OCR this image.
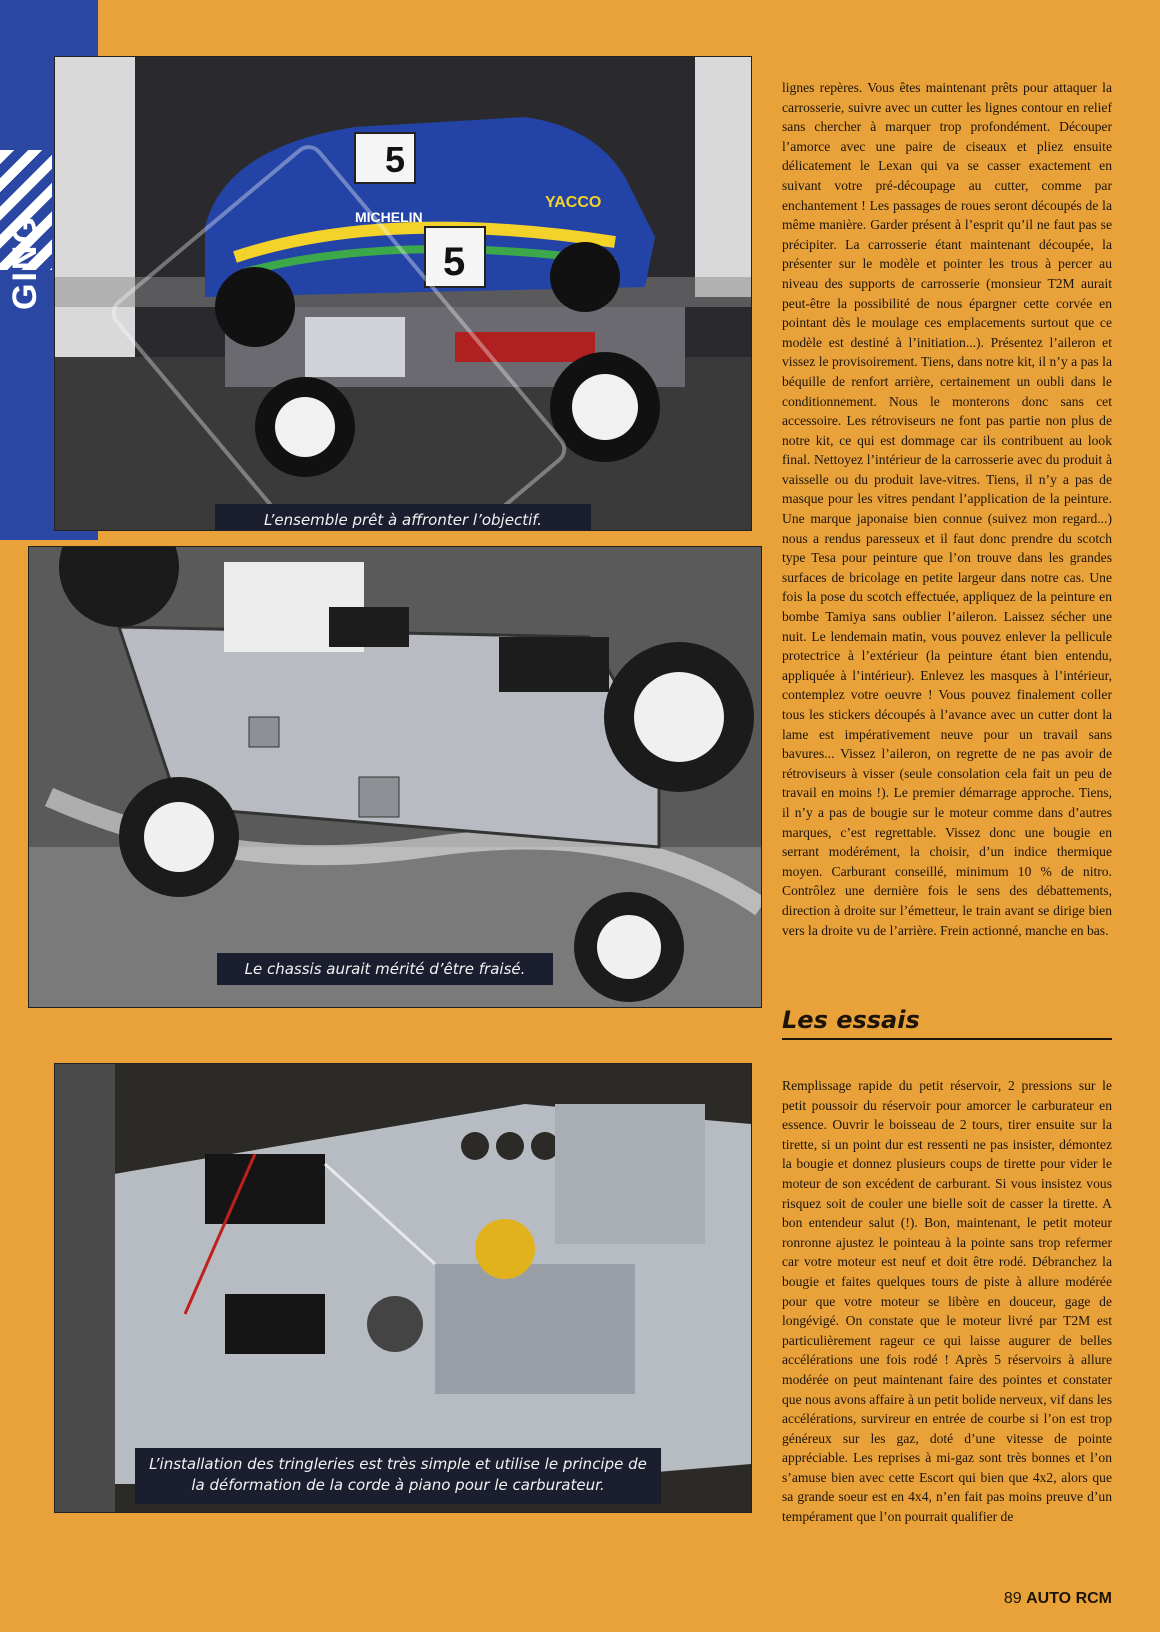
GING
5
5
MICHELIN
YACCO
L’ensemble prêt à affronter l’objectif.
Le chassis aurait mérité d’être fraisé.
L’installation des tringleries est très simple et utilise le principe de
la déformation de la corde à piano pour le carburateur.
lignes repères. Vous êtes maintenant prêts pour attaquer la carrosserie, suivre avec un cutter les lignes contour en relief sans chercher à marquer trop profondément. Découper l’amorce avec une paire de ciseaux et pliez ensuite délicatement le Lexan qui va se casser exactement en suivant votre pré-découpage au cutter, comme par enchantement ! Les passages de roues seront découpés de la même manière. Garder présent à l’esprit qu’il ne faut pas se précipiter. La carrosserie étant maintenant découpée, la présenter sur le modèle et pointer les trous à percer au niveau des supports de carrosserie (monsieur T2M aurait peut-être la possibilité de nous épargner cette corvée en pointant dès le moulage ces emplacements surtout que ce modèle est destiné à l’initiation...). Présentez l’aileron et vissez le provisoirement. Tiens, dans notre kit, il n’y a pas la béquille de renfort arrière, certainement un oubli dans le conditionnement. Nous le monterons donc sans cet accessoire. Les rétroviseurs ne font pas partie non plus de notre kit, ce qui est dommage car ils contribuent au look final. Nettoyez l’intérieur de la carrosserie avec du produit à vaisselle ou du produit lave-vitres. Tiens, il n’y a pas de masque pour les vitres pendant l’application de la peinture. Une marque japonaise bien connue (suivez mon regard...) nous a rendus paresseux et il faut donc prendre du scotch type Tesa pour peinture que l’on trouve dans les grandes surfaces de bricolage en petite largeur dans notre cas. Une fois la pose du scotch effectuée, appliquez de la peinture en bombe Tamiya sans oublier l’aileron. Laissez sécher une nuit. Le lendemain matin, vous pouvez enlever la pellicule protectrice à l’extérieur (la peinture étant bien entendu, appliquée à l’intérieur). Enlevez les masques à l’intérieur, contemplez votre oeuvre ! Vous pouvez finalement coller tous les stickers découpés à l’avance avec un cutter dont la lame est impérativement neuve pour un travail sans bavures... Vissez l’aileron, on regrette de ne pas avoir de rétroviseurs à visser (seule consolation cela fait un peu de travail en moins !). Le premier démarrage approche. Tiens, il n’y a pas de bougie sur le moteur comme dans d’autres marques, c’est regrettable. Vissez donc une bougie en serrant modérément, la choisir, d’un indice thermique moyen. Carburant conseillé, minimum 10 % de nitro. Contrôlez une dernière fois le sens des débattements, direction à droite sur l’émetteur, le train avant se dirige bien vers la droite vu de l’arrière. Frein actionné, manche en bas.
Les essais
Remplissage rapide du petit réservoir, 2 pressions sur le petit poussoir du réservoir pour amorcer le carburateur en essence. Ouvrir le boisseau de 2 tours, tirer ensuite sur la tirette, si un point dur est ressenti ne pas insister, démontez la bougie et donnez plusieurs coups de tirette pour vider le moteur de son excédent de carburant. Si vous insistez vous risquez soit de couler une bielle soit de casser la tirette. A bon entendeur salut (!). Bon, maintenant, le petit moteur ronronne ajustez le pointeau à la pointe sans trop refermer car votre moteur est neuf et doit être rodé. Débranchez la bougie et faites quelques tours de piste à allure modérée pour que votre moteur se libère en douceur, gage de longévigé. On constate que le moteur livré par T2M est particulièrement rageur ce qui laisse augurer de belles accélérations une fois rodé ! Après 5 réservoirs à allure modérée on peut maintenant faire des pointes et constater que nous avons affaire à un petit bolide nerveux, vif dans les accélérations, survireur en entrée de courbe si l’on est trop généreux sur les gaz, doté d’une vitesse de pointe appréciable. Les reprises à mi-gaz sont très bonnes et l’on s’amuse bien avec cette Escort qui bien que 4x2, alors que sa grande soeur est en 4x4, n’en fait pas moins preuve d’un tempérament que l’on pourrait qualifier de
89 AUTO RCM
